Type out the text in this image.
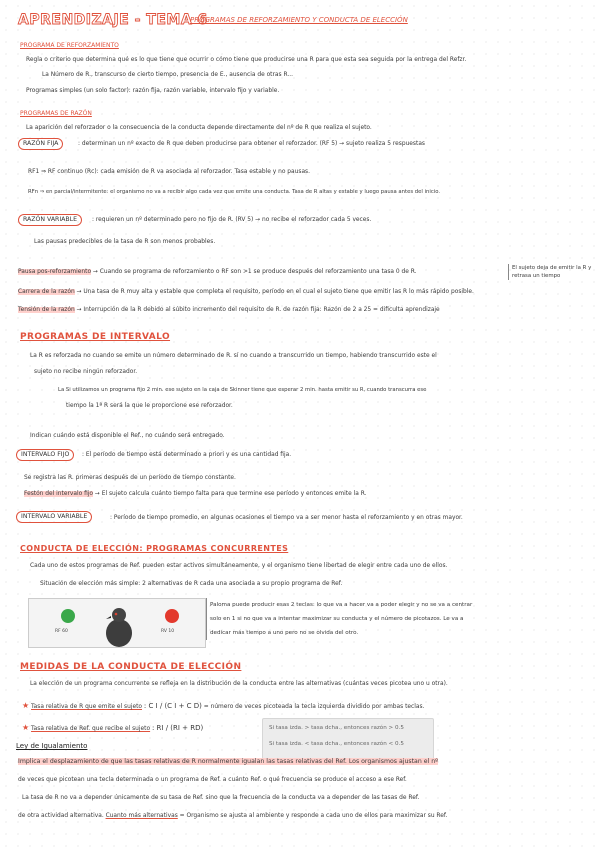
APRENDIZAJE - TEMA 6
PROGRAMAS DE REFORZAMIENTO Y CONDUCTA DE ELECCIÓN
PROGRAMA DE REFORZAMIENTO
Regla o criterio que determina qué es lo que tiene que ocurrir o cómo tiene que producirse una R para que esta sea seguida por la entrega del Refzr.
La Número de R., transcurso de cierto tiempo, presencia de E., ausencia de otras R...
Programas simples (un solo factor): razón fija, razón variable, intervalo fijo y variable.
PROGRAMAS DE RAZÓN
La aparición del reforzador o la consecuencia de la conducta depende directamente del nº de R que realiza el sujeto.
RAZÓN FIJA	: determinan un nº exacto de R que deben producirse para obtener el reforzador. (RF 5) → sujeto realiza 5 respuestas
RF1 ⇒ RF continuo (Rc): cada emisión de R va asociada al reforzador. Tasa estable y no pausas.
RFn ⇒ en parcial/intermitente: el organismo no va a recibir algo cada vez que emite una conducta. Tasa de R altas y estable y luego pausa antes del inicio.
RAZÓN VARIABLE	: requieren un nº determinado pero no fijo de R. (RV 5) → no recibe el reforzador cada 5 veces.
Las pausas predecibles de la tasa de R son menos probables.
Pausa pos-reforzamiento → Cuando se programa de reforzamiento o RF son >1 se produce después del reforzamiento una tasa 0 de R.
El sujeto deja de emitir la R y retrasa un tiempo
Carrera de la razón → Una tasa de R muy alta y estable que completa el requisito, período en el cual el sujeto tiene que emitir las R lo más rápido posible.
Tensión de la razón → Interrupción de la R debido al súbito incremento del requisito de R. de razón fija: Razón de 2 a 25 = dificulta aprendizaje
PROGRAMAS DE INTERVALO
La R es reforzada no cuando se emite un número determinado de R. sí no cuando a transcurrido un tiempo, habiendo transcurrido este el
sujeto no recibe ningún reforzador.
La Si utilizamos un programa fijo 2 min. ese sujeto en la caja de Skinner tiene que esperar 2 min. hasta emitir su R, cuando transcurra ese
tiempo la 1ª R será la que le proporcione ese reforzador.
Indican cuándo está disponible el Ref., no cuándo será entregado.
INTERVALO FIJO	: El período de tiempo está determinado a priori y es una cantidad fija.
Se registra las R. primeras después de un período de tiempo constante.
Festón del intervalo fijo → El sujeto calcula cuánto tiempo falta para que termine ese período y entonces emite la R.
INTERVALO VARIABLE	: Período de tiempo promedio, en algunas ocasiones el tiempo va a ser menor hasta el reforzamiento y en otras mayor.
CONDUCTA DE ELECCIÓN: PROGRAMAS CONCURRENTES
Cada uno de estos programas de Ref. pueden estar activos simultáneamente, y el organismo tiene libertad de elegir entre cada uno de ellos.
Situación de elección más simple: 2 alternativas de R cada una asociada a su propio programa de Ref.
RF 60	RV 10
Paloma puede producir esas 2 teclas: lo que va a hacer va a poder elegir y no se va a centrar
solo en 1 si no que va a intentar maximizar su conducta y el número de picotazos. Le va a
dedicar más tiempo a uno pero no se olvida del otro.
MEDIDAS DE LA CONDUCTA DE ELECCIÓN
La elección de un programa concurrente se refleja en la distribución de la conducta entre las alternativas (cuántas veces picotea uno u otra).
★ Tasa relativa de R que emite el sujeto : C I / (C I + C D) = número de veces picoteada la tecla izquierda dividido por ambas teclas.
★ Tasa relativa de Ref. que recibe el sujeto : RI / (RI + RD)	Si tasa izda. > tasa dcha., entonces razón > 0.5
Si tasa izda. < tasa dcha., entonces razón < 0.5
Ley de Igualamiento
Implica el desplazamiento de que las tasas relativas de R normalmente igualan las tasas relativas del Ref. Los organismos ajustan el nº
de veces que picotean una tecla determinada o un programa de Ref. a cuánto Ref. o qué frecuencia se produce el acceso a ese Ref.
La tasa de R no va a depender únicamente de su tasa de Ref. sino que la frecuencia de la conducta va a depender de las tasas de Ref.
de otra actividad alternativa. Cuanto más alternativas = Organismo se ajusta al ambiente y responde a cada uno de ellos para maximizar su Ref.
